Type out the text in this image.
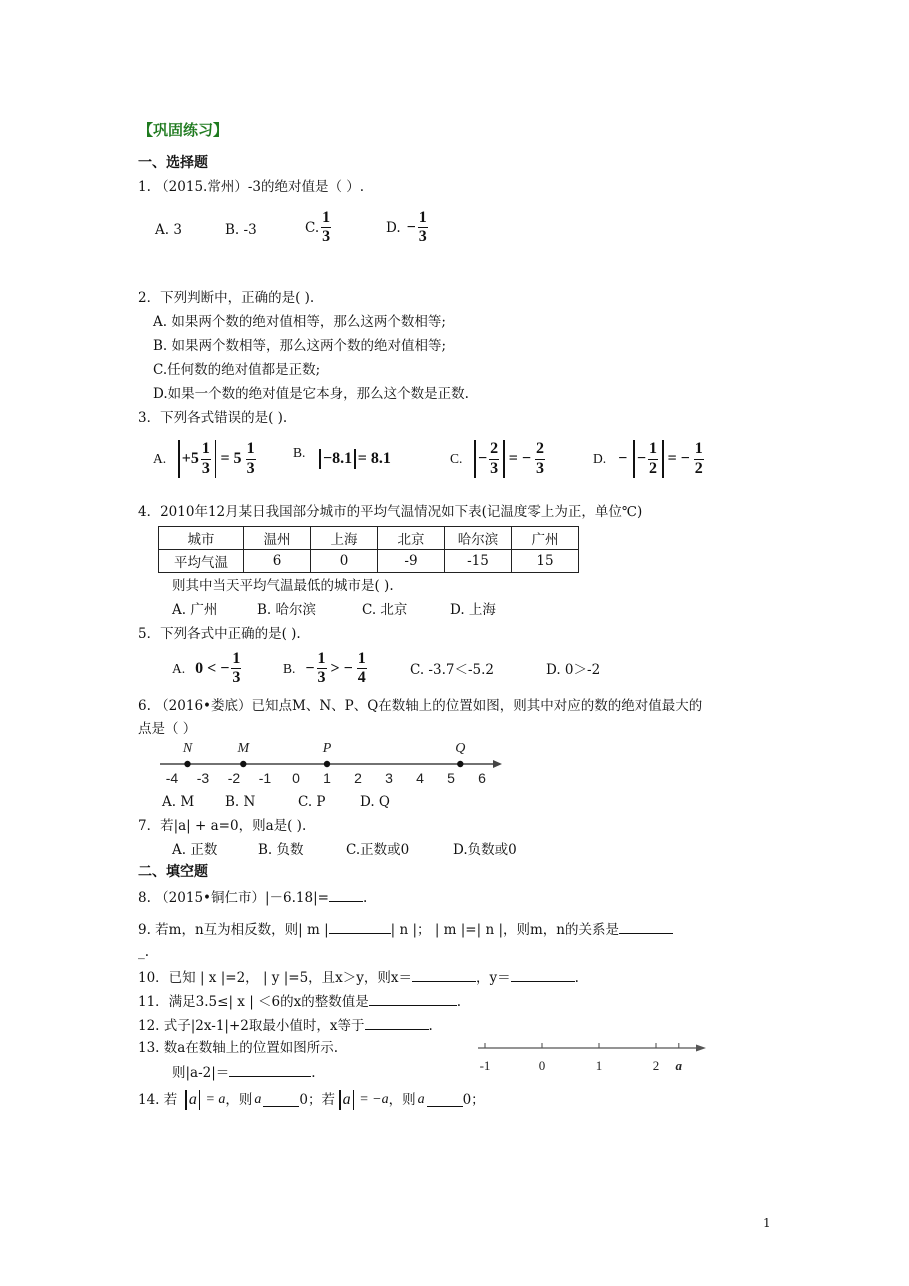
【巩固练习】
一、选择题
1. （2015.常州）-3的绝对值是（ ）.
A. 3	B. -3	C. $\frac{1}{3}$	D. − $\frac{1}{3}$
2．下列判断中，正确的是( ).
A. 如果两个数的绝对值相等，那么这两个数相等;
B. 如果两个数相等，那么这两个数的绝对值相等;
C.任何数的绝对值都是正数;
D.如果一个数的绝对值是它本身，那么这个数是正数.
3．下列各式错误的是( ).
A. $+5 \frac{1}{3} = 5 \frac{1}{3}$	B. −8.1 = 8.1	C. − $\frac{2}{3}$ = − $\frac{2}{3}$	D. − − $\frac{1}{2}$ = − $\frac{1}{2}$
4．2010年12月某日我国部分城市的平均气温情况如下表(记温度零上为正，单位℃)
城市	温州	上海	北京	哈尔滨	广州
平均气温	6	0	-9	-15	15
则其中当天平均气温最低的城市是( ).
A. 广州	B. 哈尔滨	C. 北京	D. 上海
5．下列各式中正确的是( ).
A. 0 < − $\frac{1}{3}$	B. − $\frac{1}{3}$ > − $\frac{1}{4}$	C. -3.7＜-5.2	D. 0＞-2
6. （2016•娄底）已知点M、N、P、Q在数轴上的位置如图，则其中对应的数的绝对值最大的
点是（ ）
-4 -3 -2 -1 0 1 2 3 4 5 6
N	M	P	Q
A. M B. N	C. P	D. Q
7．若|a| + a=0，则a是( ).
A. 正数	B. 负数	C.正数或0	D.负数或0
二、填空题
8. （2015•铜仁市）|－6.18|=	.
9. 若m，n互为相反数，则| m |	| n |； | m |=| n |，则m，n的关系是
_.
10．已知 | x |=2， | y |=5，且x＞y，则x＝	，y＝	.
11．满足3.5≤| x | ＜6的x的整数值是	.
12. 式子|2x-1|+2取最小值时，x等于	.
13. 数a在数轴上的位置如图所示.
则|a-2|＝	.	-1	0	1	2 a
14. 若 a = a ，则 a	0；若 a = −a ，则 a	0；
1
